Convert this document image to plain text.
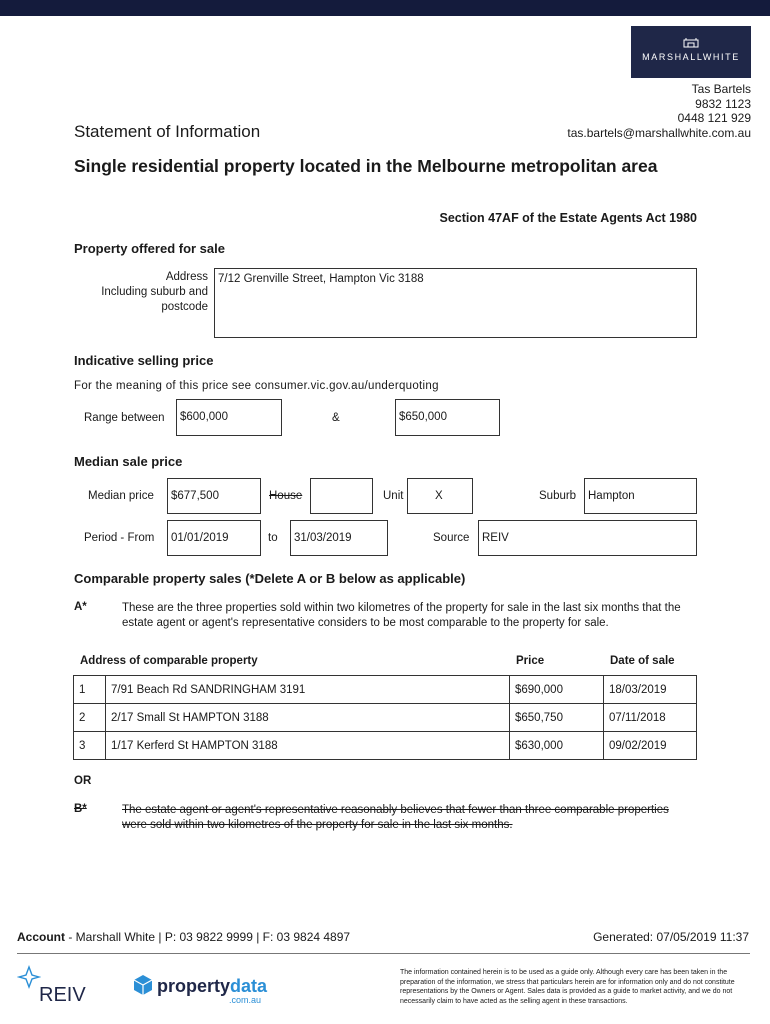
MARSHALLWHITE
Tas Bartels
9832 1123
0448 121 929
tas.bartels@marshallwhite.com.au
Statement of Information
Single residential property located in the Melbourne metropolitan area
Section 47AF of the Estate Agents Act 1980
Property offered for sale
Address
Including suburb and
postcode
7/12 Grenville Street, Hampton Vic 3188
Indicative selling price
For the meaning of this price see consumer.vic.gov.au/underquoting
Range between	$600,000	&	$650,000
Median sale price
Median price	$677,500	House	Unit	X	Suburb	Hampton
Period - From	01/01/2019	to	31/03/2019	Source	REIV
Comparable property sales (*Delete A or B below as applicable)
A*	These are the three properties sold within two kilometres of the property for sale in the last six months that the estate agent or agent's representative considers to be most comparable to the property for sale.
Address of comparable property	Price	Date of sale
1	7/91 Beach Rd SANDRINGHAM 3191	$690,000	18/03/2019
2	2/17 Small St HAMPTON 3188	$650,750	07/11/2018
3	1/17 Kerferd St HAMPTON 3188	$630,000	09/02/2019
OR
B*	The estate agent or agent's representative reasonably believes that fewer than three comparable properties were sold within two kilometres of the property for sale in the last six months.
Account - Marshall White | P: 03 9822 9999 | F: 03 9824 4897	Generated: 07/05/2019 11:37
REIV	propertydata
.com.au
The information contained herein is to be used as a guide only. Although every care has been taken in the preparation of the information, we stress that particulars herein are for information only and do not constitute representations by the Owners or Agent. Sales data is provided as a guide to market activity, and we do not necessarily claim to have acted as the selling agent in these transactions.
